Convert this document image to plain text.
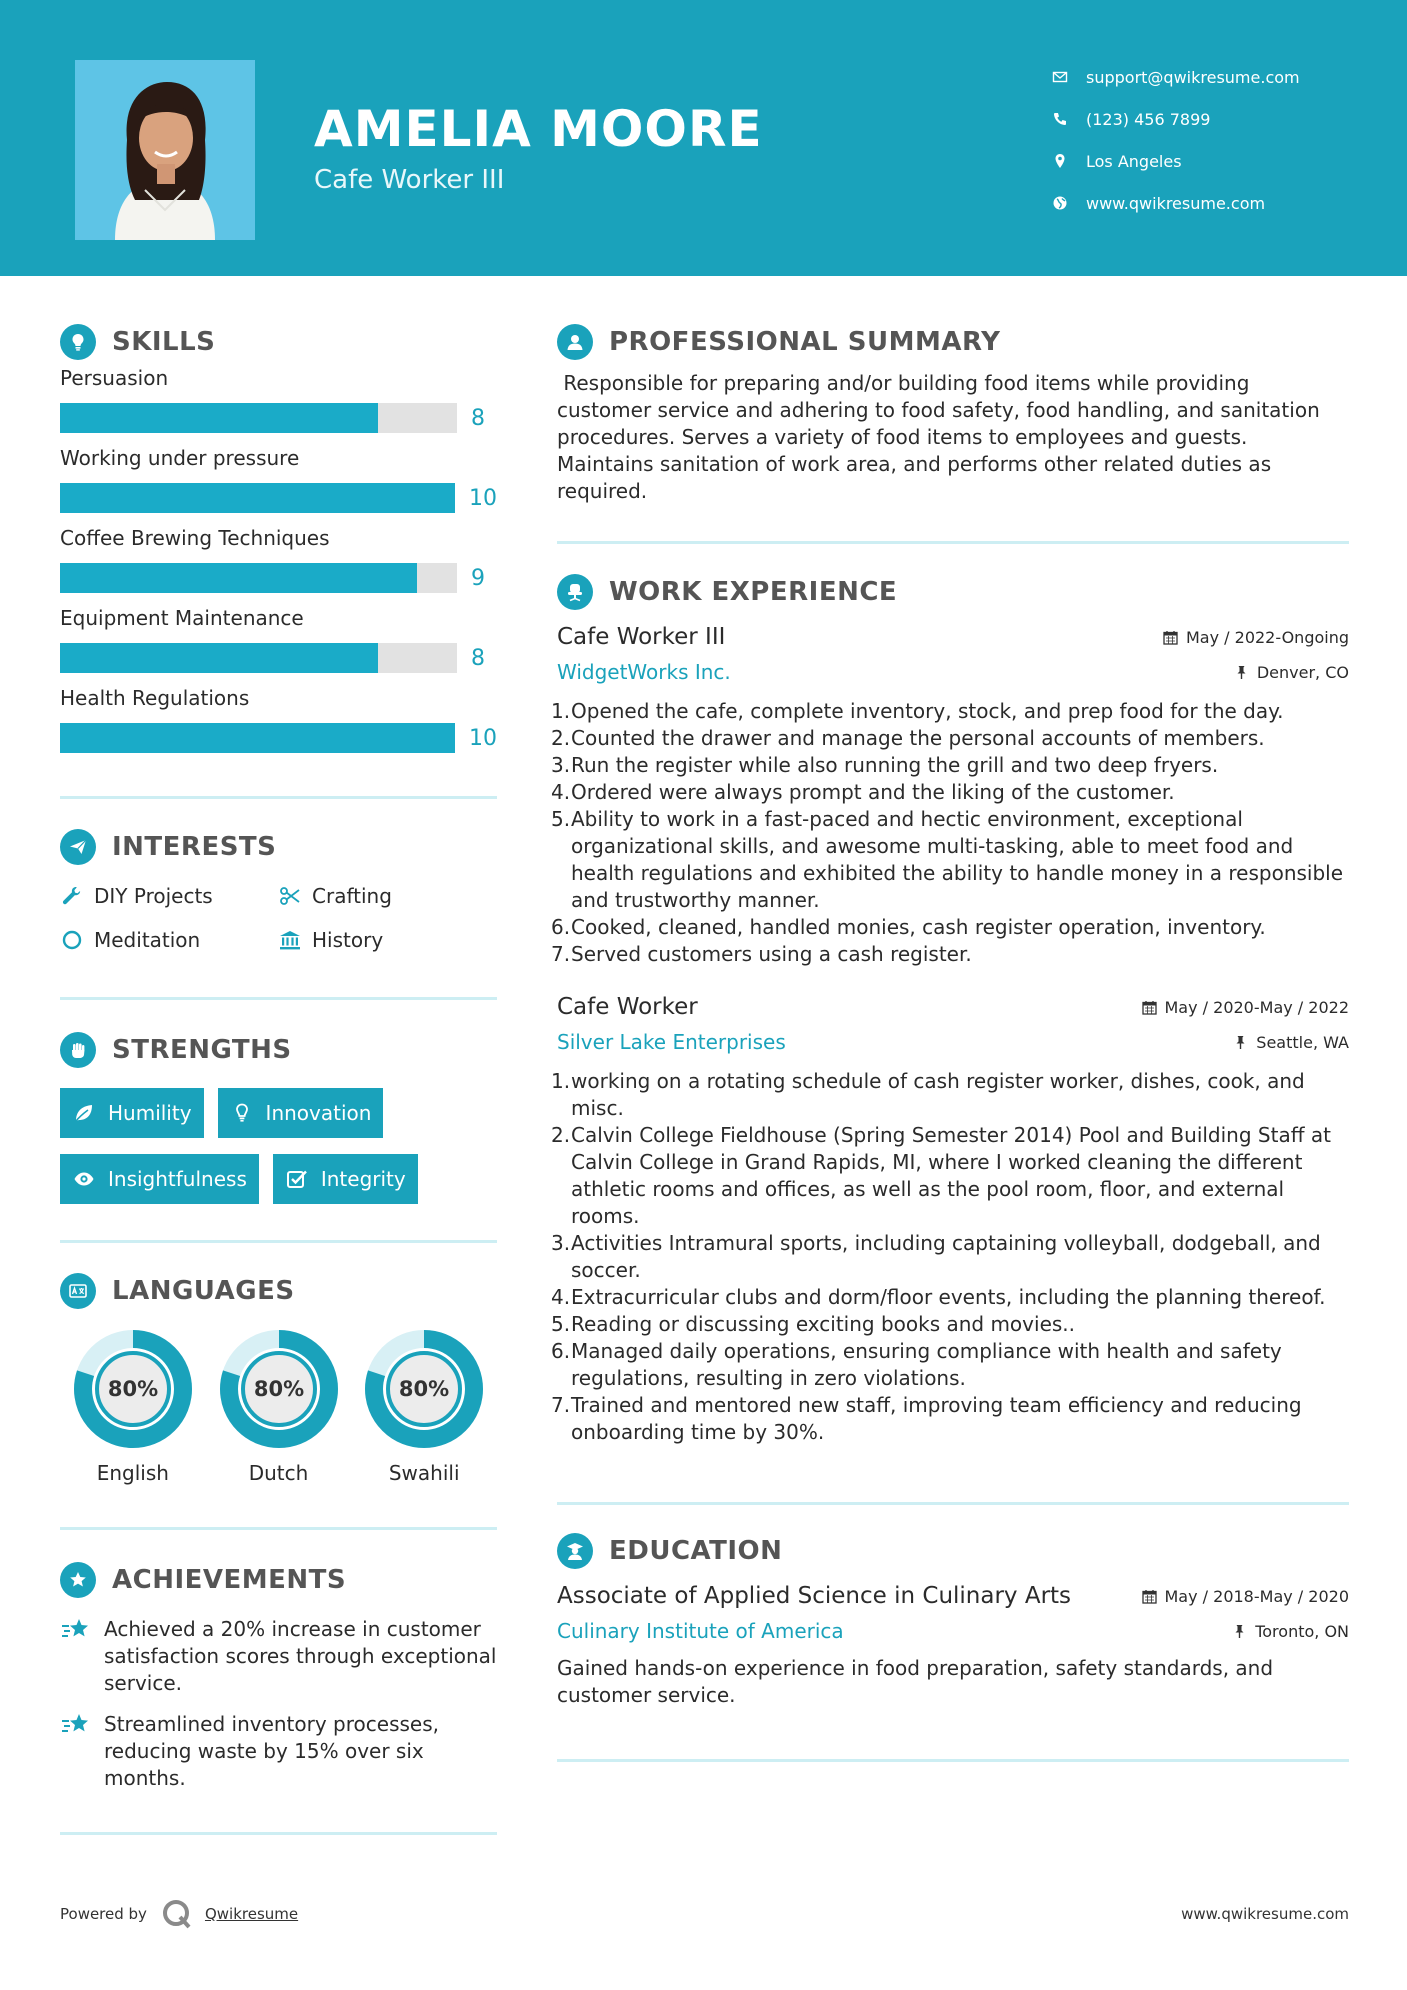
AMELIA MOORE
Cafe Worker III
support@qwikresume.com
(123) 456 7899
Los Angeles
www.qwikresume.com
SKILLS
Persuasion
8
Working under pressure
10
Coffee Brewing Techniques
9
Equipment Maintenance
8
Health Regulations
10
INTERESTS
DIY Projects	Crafting
Meditation	History
STRENGTHS
Humility	Innovation
Insightfulness	Integrity
LANGUAGES
80%
English
80%
Dutch
80%
Swahili
ACHIEVEMENTS
Achieved a 20% increase in customer satisfaction scores through exceptional service.
Streamlined inventory processes, reducing waste by 15% over six months.
PROFESSIONAL SUMMARY

Responsible for preparing and/or building food items while providing customer service and adhering to food safety, food handling, and sanitation procedures. Serves a variety of food items to employees and guests. Maintains sanitation of work area, and performs other related duties as required.

WORK EXPERIENCE
Cafe Worker III	May / 2022-Ongoing
WidgetWorks Inc.	Denver, CO
1. Opened the cafe, complete inventory, stock, and prep food for the day.
2. Counted the drawer and manage the personal accounts of members.
3. Run the register while also running the grill and two deep fryers.
4. Ordered were always prompt and the liking of the customer.
5. Ability to work in a fast-paced and hectic environment, exceptional organizational skills, and awesome multi-tasking, able to meet food and health regulations and exhibited the ability to handle money in a responsible and trustworthy manner.
6. Cooked, cleaned, handled monies, cash register operation, inventory.
7. Served customers using a cash register.
Cafe Worker	May / 2020-May / 2022
Silver Lake Enterprises	Seattle, WA
1. working on a rotating schedule of cash register worker, dishes, cook, and misc.
2. Calvin College Fieldhouse (Spring Semester 2014) Pool and Building Staff at Calvin College in Grand Rapids, MI, where I worked cleaning the different athletic rooms and offices, as well as the pool room, floor, and external rooms.
3. Activities Intramural sports, including captaining volleyball, dodgeball, and soccer.
4. Extracurricular clubs and dorm/floor events, including the planning thereof.
5. Reading or discussing exciting books and movies..
6. Managed daily operations, ensuring compliance with health and safety regulations, resulting in zero violations.
7. Trained and mentored new staff, improving team efficiency and reducing onboarding time by 30%.
EDUCATION
Associate of Applied Science in Culinary Arts	May / 2018-May / 2020
Culinary Institute of America	Toronto, ON

Gained hands-on experience in food preparation, safety standards, and customer service.

Powered by	Qwikresume	www.qwikresume.com
